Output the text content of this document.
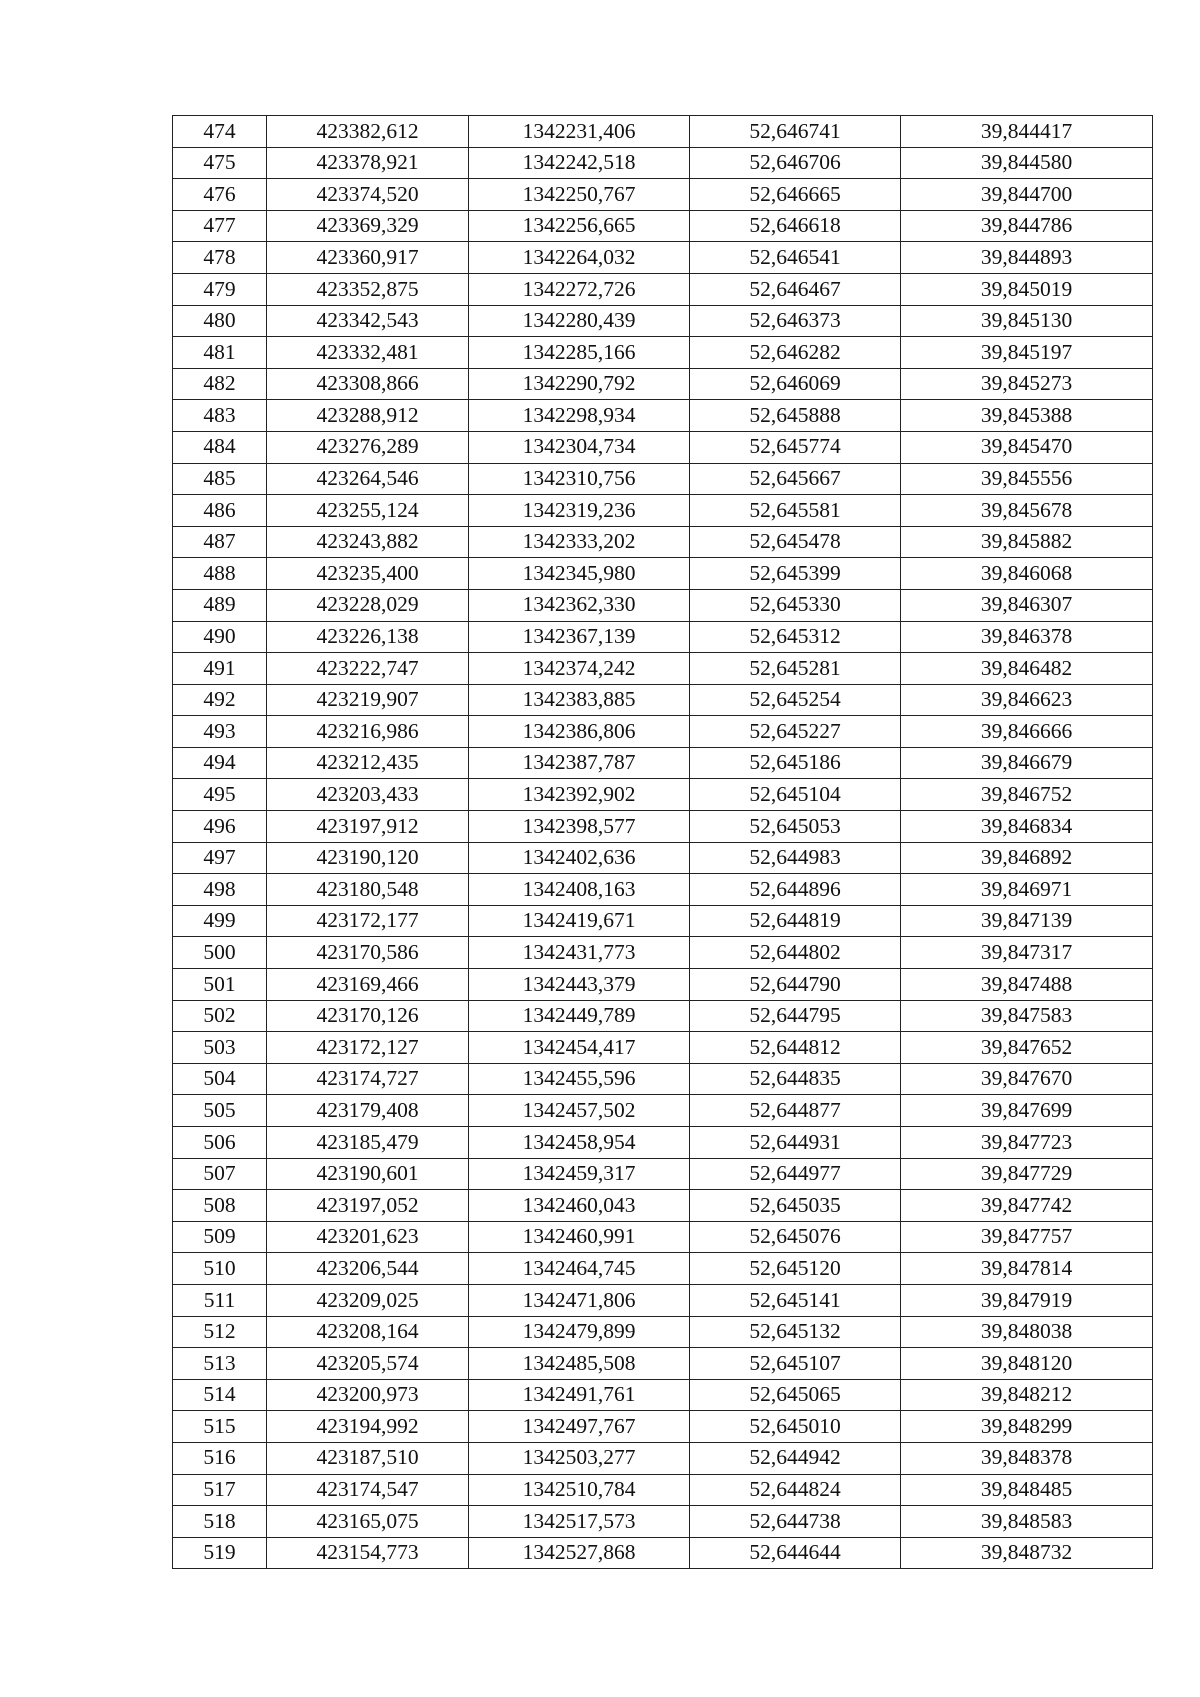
474	423382,612	1342231,406	52,646741	39,844417
475	423378,921	1342242,518	52,646706	39,844580
476	423374,520	1342250,767	52,646665	39,844700
477	423369,329	1342256,665	52,646618	39,844786
478	423360,917	1342264,032	52,646541	39,844893
479	423352,875	1342272,726	52,646467	39,845019
480	423342,543	1342280,439	52,646373	39,845130
481	423332,481	1342285,166	52,646282	39,845197
482	423308,866	1342290,792	52,646069	39,845273
483	423288,912	1342298,934	52,645888	39,845388
484	423276,289	1342304,734	52,645774	39,845470
485	423264,546	1342310,756	52,645667	39,845556
486	423255,124	1342319,236	52,645581	39,845678
487	423243,882	1342333,202	52,645478	39,845882
488	423235,400	1342345,980	52,645399	39,846068
489	423228,029	1342362,330	52,645330	39,846307
490	423226,138	1342367,139	52,645312	39,846378
491	423222,747	1342374,242	52,645281	39,846482
492	423219,907	1342383,885	52,645254	39,846623
493	423216,986	1342386,806	52,645227	39,846666
494	423212,435	1342387,787	52,645186	39,846679
495	423203,433	1342392,902	52,645104	39,846752
496	423197,912	1342398,577	52,645053	39,846834
497	423190,120	1342402,636	52,644983	39,846892
498	423180,548	1342408,163	52,644896	39,846971
499	423172,177	1342419,671	52,644819	39,847139
500	423170,586	1342431,773	52,644802	39,847317
501	423169,466	1342443,379	52,644790	39,847488
502	423170,126	1342449,789	52,644795	39,847583
503	423172,127	1342454,417	52,644812	39,847652
504	423174,727	1342455,596	52,644835	39,847670
505	423179,408	1342457,502	52,644877	39,847699
506	423185,479	1342458,954	52,644931	39,847723
507	423190,601	1342459,317	52,644977	39,847729
508	423197,052	1342460,043	52,645035	39,847742
509	423201,623	1342460,991	52,645076	39,847757
510	423206,544	1342464,745	52,645120	39,847814
511	423209,025	1342471,806	52,645141	39,847919
512	423208,164	1342479,899	52,645132	39,848038
513	423205,574	1342485,508	52,645107	39,848120
514	423200,973	1342491,761	52,645065	39,848212
515	423194,992	1342497,767	52,645010	39,848299
516	423187,510	1342503,277	52,644942	39,848378
517	423174,547	1342510,784	52,644824	39,848485
518	423165,075	1342517,573	52,644738	39,848583
519	423154,773	1342527,868	52,644644	39,848732
